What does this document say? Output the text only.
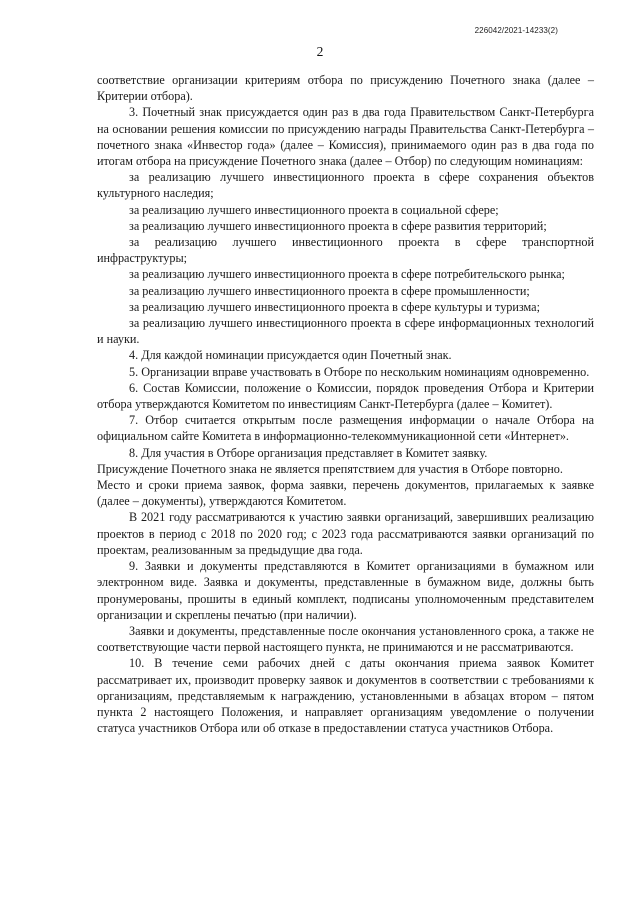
226042/2021-14233(2)
2

соответствие организации критериям отбора по присуждению Почетного знака (далее – Критерии отбора).

3. Почетный знак присуждается один раз в два года Правительством Санкт-Петербурга на основании решения комиссии по присуждению награды Правительства Санкт-Петербурга – почетного знака «Инвестор года» (далее – Комиссия), принимаемого один раз в два года по итогам отбора на присуждение Почетного знака (далее – Отбор) по следующим номинациям:

за реализацию лучшего инвестиционного проекта в сфере сохранения объектов культурного наследия;

за реализацию лучшего инвестиционного проекта в социальной сфере;

за реализацию лучшего инвестиционного проекта в сфере развития территорий;

за реализацию лучшего инвестиционного проекта в сфере транспортной инфраструктуры;

за реализацию лучшего инвестиционного проекта в сфере потребительского рынка;

за реализацию лучшего инвестиционного проекта в сфере промышленности;

за реализацию лучшего инвестиционного проекта в сфере культуры и туризма;

за реализацию лучшего инвестиционного проекта в сфере информационных технологий и науки.

4. Для каждой номинации присуждается один Почетный знак.

5. Организации вправе участвовать в Отборе по нескольким номинациям одновременно.

6. Состав Комиссии, положение о Комиссии, порядок проведения Отбора и Критерии отбора утверждаются Комитетом по инвестициям Санкт-Петербурга (далее – Комитет).

7. Отбор считается открытым после размещения информации о начале Отбора на официальном сайте Комитета в информационно-телекоммуникационной сети «Интернет».

8. Для участия в Отборе организация представляет в Комитет заявку.

Присуждение Почетного знака не является препятствием для участия в Отборе повторно.

Место и сроки приема заявок, форма заявки, перечень документов, прилагаемых к заявке (далее – документы), утверждаются Комитетом.

В 2021 году рассматриваются к участию заявки организаций, завершивших реализацию проектов в период с 2018 по 2020 год; с 2023 года рассматриваются заявки организаций по проектам, реализованным за предыдущие два года.

9. Заявки и документы представляются в Комитет организациями в бумажном или электронном виде. Заявка и документы, представленные в бумажном виде, должны быть пронумерованы, прошиты в единый комплект, подписаны уполномоченным представителем организации и скреплены печатью (при наличии).

Заявки и документы, представленные после окончания установленного срока, а также не соответствующие части первой настоящего пункта, не принимаются и не рассматриваются.

10. В течение семи рабочих дней с даты окончания приема заявок Комитет рассматривает их, производит проверку заявок и документов в соответствии с требованиями к организациям, представляемым к награждению, установленными в абзацах втором – пятом пункта 2 настоящего Положения, и направляет организациям уведомление о получении статуса участников Отбора или об отказе в предоставлении статуса участников Отбора.
